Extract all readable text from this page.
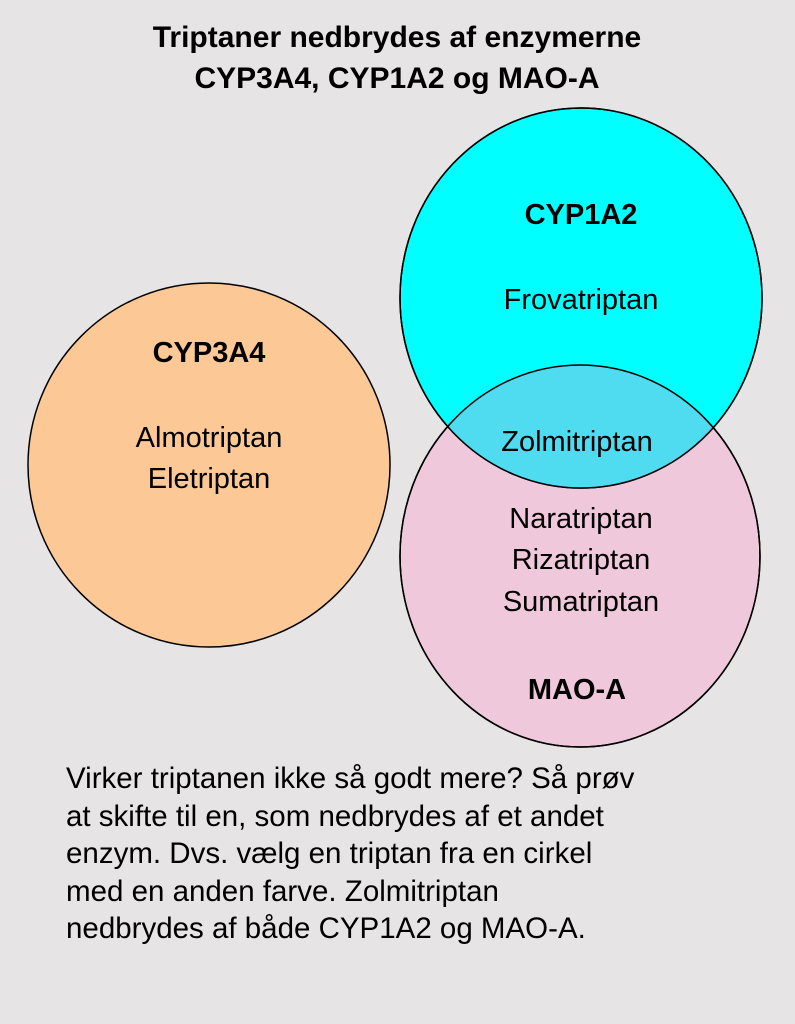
Triptaner nedbrydes af enzymerne
CYP3A4, CYP1A2 og MAO-A
CYP3A4
Almotriptan
Eletriptan
CYP1A2
Frovatriptan
Zolmitriptan
Naratriptan
Rizatriptan
Sumatriptan
MAO-A

Virker triptanen ikke så godt mere? Så prøv
at skifte til en, som nedbrydes af et andet
enzym. Dvs. vælg en triptan fra en cirkel
med en anden farve. Zolmitriptan
nedbrydes af både CYP1A2 og MAO-A.
